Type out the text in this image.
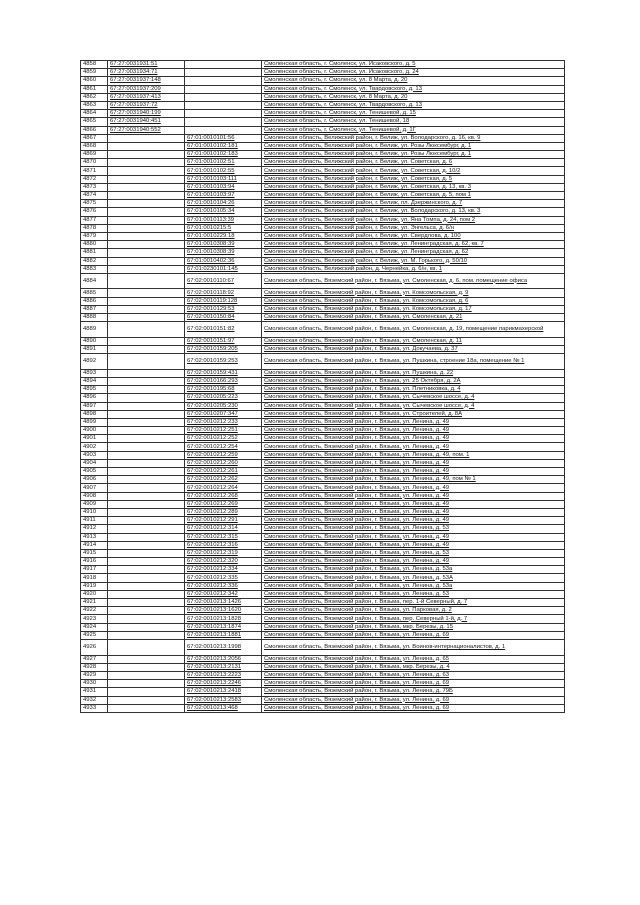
4858	67:27:0031931:51		Смоленская область, г. Смоленск, ул. Исаковского, д. 5
4859	67:27:0031934:71		Смоленская область, г. Смоленск, ул. Исаковского, д. 24
4860	67:27:0031937:148		Смоленская область, г. Смоленск, ул. 8 Марта, д. 20
4861	67:27:0031937:209		Смоленская область, г. Смоленск, ул. Твардовского, д. 13
4862	67:27:0031937:413		Смоленская область, г. Смоленск, ул. 8 Марта, д. 20
4863	67:27:0031937:72		Смоленская область, г. Смоленск, ул. Твардовского, д. 13
4864	67:27:0031940:199		Смоленская область, г. Смоленск, ул. Тенишевой, д. 15
4865	67:27:0031940:451		Смоленская область, г. Смоленск, ул. Тенишевой, 18
4866	67:27:0031940:552		Смоленская область, г. Смоленск, ул. Тенишевой, д. 1Г
4867		67:01:0010101:56	Смоленская область, Велижский район, г. Велиж, ул. Володарского, д. 16, кв. 9
4868		67:01:0010102:181	Смоленская область, Велижский район, г. Велиж, ул. Розы Люксембург, д. 1
4869		67:01:0010102:183	Смоленская область, Велижский район, г. Велиж, ул. Розы Люксембург, д. 1
4870		67:01:0010102:51	Смоленская область, Велижский район, г. Велиж, ул. Советская, д. 6
4871		67:01:0010102:55	Смоленская область, Велижский район, г. Велиж, ул. Советская, д. 10/2
4872		67:01:0010103:111	Смоленская область, Велижский район, г. Велиж, ул. Советская, д. 5
4873		67:01:0010103:94	Смоленская область, Велижский район, г. Велиж, ул. Советская, д. 13, кв. 3
4874		67:01:0010103:97	Смоленская область, Велижский район, г. Велиж, ул. Советская, д. 5, пом 1
4875		67:01:0010104:26	Смоленская область, Велижский район, г. Велиж, пл. Дзержинского, д. 7
4876		67:01:0010105:34	Смоленская область, Велижский район, г. Велиж, ул. Володарского, д. 13, кв. 3
4877		67:01:0010113:39	Смоленская область, Велижский район, г. Велиж, ул. Яна Томпа, д. 24, пом 2
4878		67:01:0010215:5	Смоленская область, Велижский район, г. Велиж, ул. Энгельса, д. 6/н
4879		67:01:0010229:18	Смоленская область, Велижский район, г. Велиж, ул. Свердлова, д. 100
4880		67:01:0010308:39	Смоленская область, Велижский район, г. Велиж, ул. Ленинградская, д. 62, кв. 7
4881		67:01:0010308:39	Смоленская область, Велижский район, г. Велиж, ул. Ленинградская, д. 62
4882		67:01:0010402:36	Смоленская область, Велижский район, г. Велиж, ул. М. Горького, д. 50/10
4883		67:01:0230101:145	Смоленская область, Велижский район, д. Чернейка, д. 6/н, кв. 1
4884		67:02:0010110:67	Смоленская область, Вяземский район, г. Вязьма, ул. Смоленская, д. 6, пом. помещение офиса
4885		67:02:0010118:92	Смоленская область, Вяземский район, г. Вязьма, ул. Комсомольская, д. 9
4886		67:02:0010119:128	Смоленская область, Вяземский район, г. Вязьма, ул. Комсомольская, д. 6
4887		67:02:0010129:53	Смоленская область, Вяземский район, г. Вязьма, ул. Комсомольская, д. 17
4888		67:02:0010150:84	Смоленская область, Вяземский район, г. Вязьма, ул. Смоленская, д. 21
4889		67:02:0010151:82	Смоленская область, Вяземский район, г. Вязьма, ул. Смоленская, д. 19, помещение парикмахерской
4890		67:02:0010151:97	Смоленская область, Вяземский район, г. Вязьма, ул. Смоленская, д. 11
4891		67:02:0010159:205	Смоленская область, Вяземский район, г. Вязьма, ул. Докучаева, д. 37
4892		67:02:0010159:253	Смоленская область, Вяземский район, г. Вязьма, ул. Пушкина, строение 18а, помещение № 1
4893		67:02:0010159:431	Смоленская область, Вяземский район, г. Вязьма, ул. Пушкина, д. 22
4894		67:02:0010166:293	Смоленская область, Вяземский район, г. Вязьма, ул. 25 Октября, д. 2А
4895		67:02:0010195:68	Смоленская область, Вяземский район, г. Вязьма, ул. Плетниковка, д. 4
4896		67:02:0010205:223	Смоленская область, Вяземский район, г. Вязьма, ул. Сычевское шоссе, д. 4
4897		67:02:0010205:230	Смоленская область, Вяземский район, г. Вязьма, ул. Сычевское шоссе, д. 4
4898		67:02:0010207:347	Смоленская область, Вяземский район, г. Вязьма, ул. Строителей, д. 8А
4899		67:02:0010212:233	Смоленская область, Вяземский район, г. Вязьма, ул. Ленина, д. 49
4900		67:02:0010212:251	Смоленская область, Вяземский район, г. Вязьма, ул. Ленина, д. 49
4901		67:02:0010212:252	Смоленская область, Вяземский район, г. Вязьма, ул. Ленина, д. 49
4902		67:02:0010212:254	Смоленская область, Вяземский район, г. Вязьма, ул. Ленина, д. 49
4903		67:02:0010212:259	Смоленская область, Вяземский район, г. Вязьма, ул. Ленина, д. 49, пом. 1
4904		67:02:0010212:260	Смоленская область, Вяземский район, г. Вязьма, ул. Ленина, д. 49
4905		67:02:0010212:261	Смоленская область, Вяземский район, г. Вязьма, ул. Ленина, д. 49
4906		67:02:0010212:262	Смоленская область, Вяземский район, г. Вязьма, ул. Ленина, д. 49, пом № 1
4907		67:02:0010212:264	Смоленская область, Вяземский район, г. Вязьма, ул. Ленина, д. 49
4908		67:02:0010212:268	Смоленская область, Вяземский район, г. Вязьма, ул. Ленина, д. 49
4909		67:02:0010212:269	Смоленская область, Вяземский район, г. Вязьма, ул. Ленина, д. 49
4910		67:02:0010212:289	Смоленская область, Вяземский район, г. Вязьма, ул. Ленина, д. 49
4911		67:02:0010212:291	Смоленская область, Вяземский район, г. Вязьма, ул. Ленина, д. 49
4912		67:02:0010212:314	Смоленская область, Вяземский район, г. Вязьма, ул. Ленина, д. 53
4913		67:02:0010212:315	Смоленская область, Вяземский район, г. Вязьма, ул. Ленина, д. 49
4914		67:02:0010212:316	Смоленская область, Вяземский район, г. Вязьма, ул. Ленина, д. 49
4915		67:02:0010212:319	Смоленская область, Вяземский район, г. Вязьма, ул. Ленина, д. 53
4916		67:02:0010212:320	Смоленская область, Вяземский район, г. Вязьма, ул. Ленина, д. 49
4917		67:02:0010212:334	Смоленская область, Вяземский район, г. Вязьма, ул. Ленина, д. 53а
4918		67:02:0010212:335	Смоленская область, Вяземский район, г. Вязьма, ул. Ленина, д. 53А
4919		67:02:0010212:336	Смоленская область, Вяземский район, г. Вязьма, ул. Ленина, д. 53а
4920		67:02:0010212:342	Смоленская область, Вяземский район, г. Вязьма, ул. Ленина, д. 53
4921		67:02:0010213:1426	Смоленская область, Вяземский район, г. Вязьма, пер. 1-й Северный, д. 7
4922		67:02:0010213:1620	Смоленская область, Вяземский район, г. Вязьма, ул. Парковая, д. 2
4923		67:02:0010213:1828	Смоленская область, Вяземский район, г. Вязьма, пер. Северный 1-й, д. 7
4924		67:02:0010213:1874	Смоленская область, Вяземский район, г. Вязьма, мкр. Березы, д. 15
4925		67:02:0010213:1881	Смоленская область, Вяземский район, г. Вязьма, ул. Ленина, д. 69
4926		67:02:0010213:1998	Смоленская область, Вяземский район, г. Вязьма, ул. Воинов-интернационалистов, д. 1
4927		67:02:0010213:2056	Смоленская область, Вяземский район, г. Вязьма, ул. Ленина, д. 65
4928		67:02:0010213:2131	Смоленская область, Вяземский район, г. Вязьма, мкр. Березы, д. 4
4929		67:02:0010213:2223	Смоленская область, Вяземский район, г. Вязьма, ул. Ленина, д. 63
4930		67:02:0010213:2246	Смоленская область, Вяземский район, г. Вязьма, ул. Ленина, д. 69
4931		67:02:0010213:2418	Смоленская область, Вяземский район, г. Вязьма, ул. Ленина, д. 79Б
4932		67:02:0010213:2583	Смоленская область, Вяземский район, г. Вязьма, ул. Ленина, д. 69
4933		67:02:0010213:468	Смоленская область, Вяземский район, г. Вязьма, ул. Ленина, д. 69
